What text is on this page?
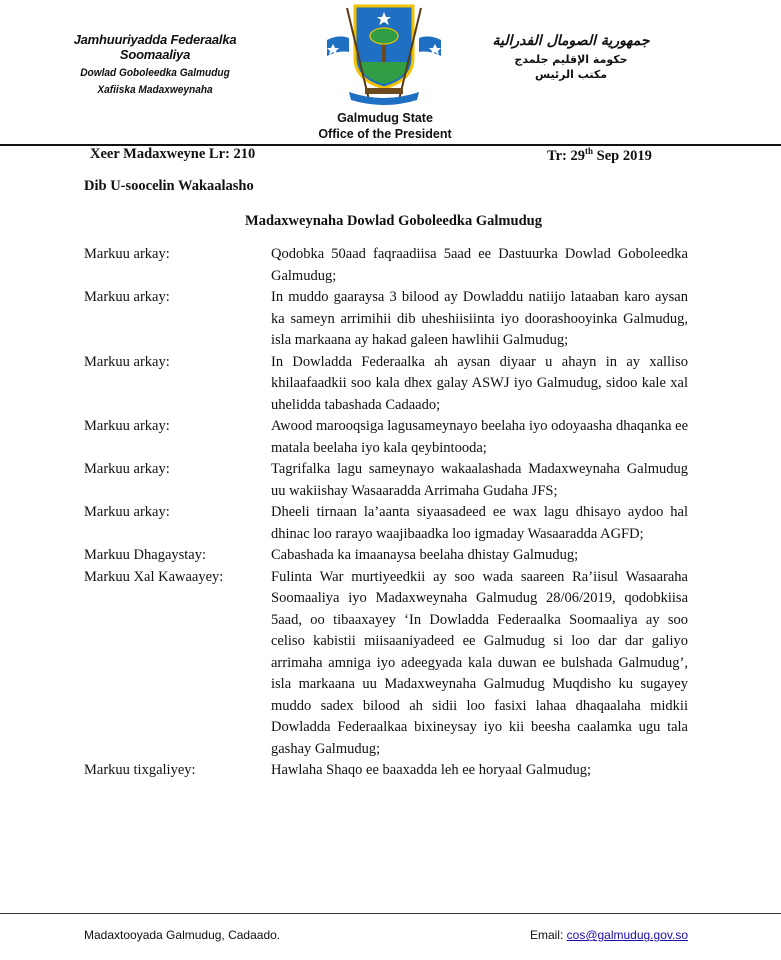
Jamhuuriyadda Federaalka Soomaaliya
Dowlad Goboleedka Galmudug
Xafiiska Madaxweynaha
جمهورية الصومال الفدرالية
حكومة الإقليم جلمدج
مكتب الرئيس
Galmudug State
Office of the President
Xeer Madaxweyne Lr: 210	Tr: 29th Sep 2019
Dib U-soocelin Wakaalasho
Madaxweynaha Dowlad Goboleedka Galmudug
Markuu arkay:	Qodobka 50aad faqraadiisa 5aad ee Dastuurka Dowlad Goboleedka Galmudug;
Markuu arkay:	In muddo gaaraysa 3 bilood ay Dowladdu natiijo lataaban karo aysan ka sameyn arrimihii dib uheshiisiinta iyo doorashooyinka Galmudug, isla markaana ay hakad galeen hawlihii Galmudug;
Markuu arkay:	In Dowladda Federaalka ah aysan diyaar u ahayn in ay xalliso khilaafaadkii soo kala dhex galay ASWJ iyo Galmudug, sidoo kale xal uhelidda tabashada Cadaado;
Markuu arkay:	Awood marooqsiga lagusameynayo beelaha iyo odoyaasha dhaqanka ee matala beelaha iyo kala qeybintooda;
Markuu arkay:	Tagrifalka lagu sameynayo wakaalashada Madaxweynaha Galmudug uu wakiishay Wasaaradda Arrimaha Gudaha JFS;
Markuu arkay:	Dheeli tirnaan la’aanta siyaasadeed ee wax lagu dhisayo aydoo hal dhinac loo rarayo waajibaadka loo igmaday Wasaaradda AGFD;
Markuu Dhagaystay:	Cabashada ka imaanaysa beelaha dhistay Galmudug;
Markuu Xal Kawaayey:	Fulinta War murtiyeedkii ay soo wada saareen Ra’iisul Wasaaraha Soomaaliya iyo Madaxweynaha Galmudug 28/06/2019, qodobkiisa 5aad, oo tibaaxayey ‘In Dowladda Federaalka Soomaaliya ay soo celiso kabistii miisaaniyadeed ee Galmudug si loo dar dar galiyo arrimaha amniga iyo adeegyada kala duwan ee bulshada Galmudug’, isla markaana uu Madaxweynaha Galmudug Muqdisho ku sugayey muddo sadex bilood ah sidii loo fasixi lahaa dhaqaalaha midkii Dowladda Federaalkaa bixineysay iyo kii beesha caalamka ugu tala gashay Galmudug;
Markuu tixgaliyey:	Hawlaha Shaqo ee baaxadda leh ee horyaal Galmudug;
Madaxtooyada Galmudug, Cadaado.	Email: cos@galmudug.gov.so
